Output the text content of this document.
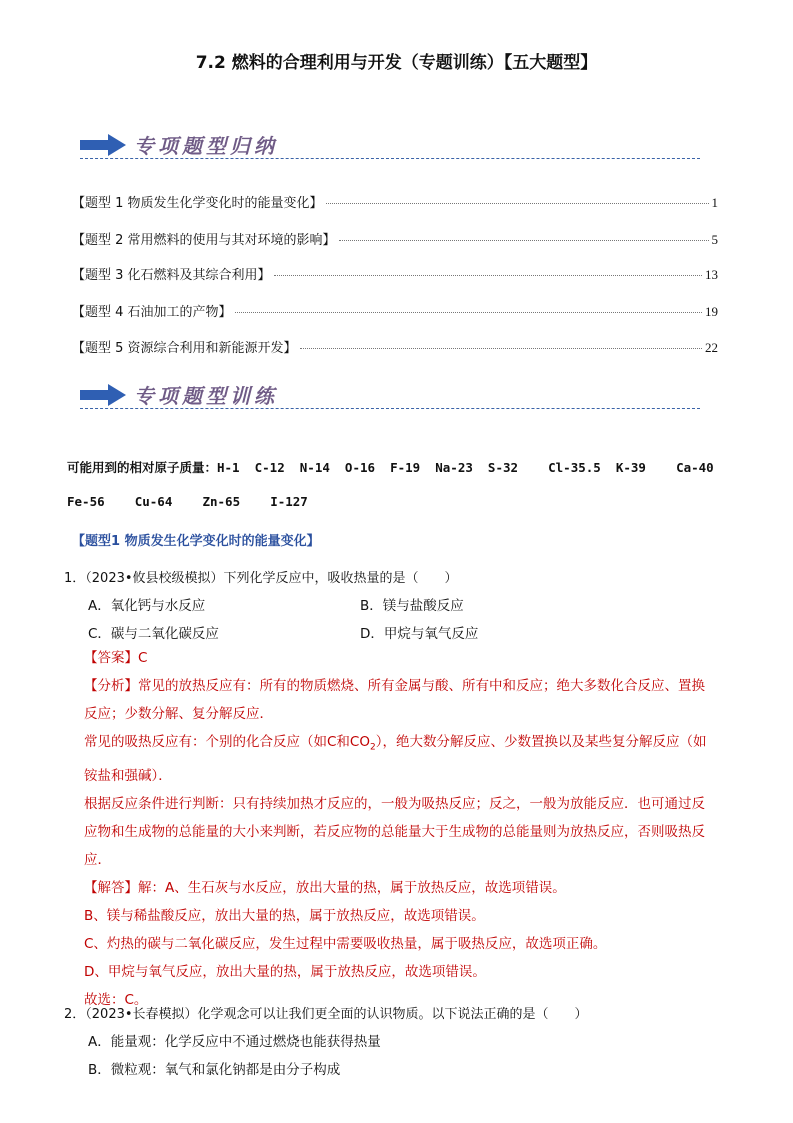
7.2 燃料的合理利用与开发（专题训练）【五大题型】
专项题型归纳
【题型 1 物质发生化学变化时的能量变化】	1
【题型 2 常用燃料的使用与其对环境的影响】	5
【题型 3 化石燃料及其综合利用】	13
【题型 4 石油加工的产物】	19
【题型 5 资源综合利用和新能源开发】	22
专项题型训练
可能用到的相对原子质量：H-1  C-12  N-14  O-16  F-19  Na-23  S-32    Cl-35.5  K-39    Ca-40
Fe-56    Cu-64    Zn-65    I-127
【题型1 物质发生化学变化时的能量变化】
1．（2023•攸县校级模拟）下列化学反应中，吸收热量的是（　　）
A．氧化钙与水反应	B．镁与盐酸反应
C．碳与二氧化碳反应	D．甲烷与氧气反应
【答案】C
【分析】常见的放热反应有：所有的物质燃烧、所有金属与酸、所有中和反应；绝大多数化合反应、置换
反应；少数分解、复分解反应．
常见的吸热反应有：个别的化合反应（如C和$CO_2$），绝大数分解反应、少数置换以及某些复分解反应（如
铵盐和强碱）．
根据反应条件进行判断：只有持续加热才反应的，一般为吸热反应；反之，一般为放能反应．也可通过反
应物和生成物的总能量的大小来判断，若反应物的总能量大于生成物的总能量则为放热反应，否则吸热反
应．
【解答】解：A、生石灰与水反应，放出大量的热，属于放热反应，故选项错误。
B、镁与稀盐酸反应，放出大量的热，属于放热反应，故选项错误。
C、灼热的碳与二氧化碳反应，发生过程中需要吸收热量，属于吸热反应，故选项正确。
D、甲烷与氧气反应，放出大量的热，属于放热反应，故选项错误。
故选：C。
2．（2023•长春模拟）化学观念可以让我们更全面的认识物质。以下说法正确的是（　　）
A．能量观：化学反应中不通过燃烧也能获得热量
B．微粒观：氧气和氯化钠都是由分子构成
